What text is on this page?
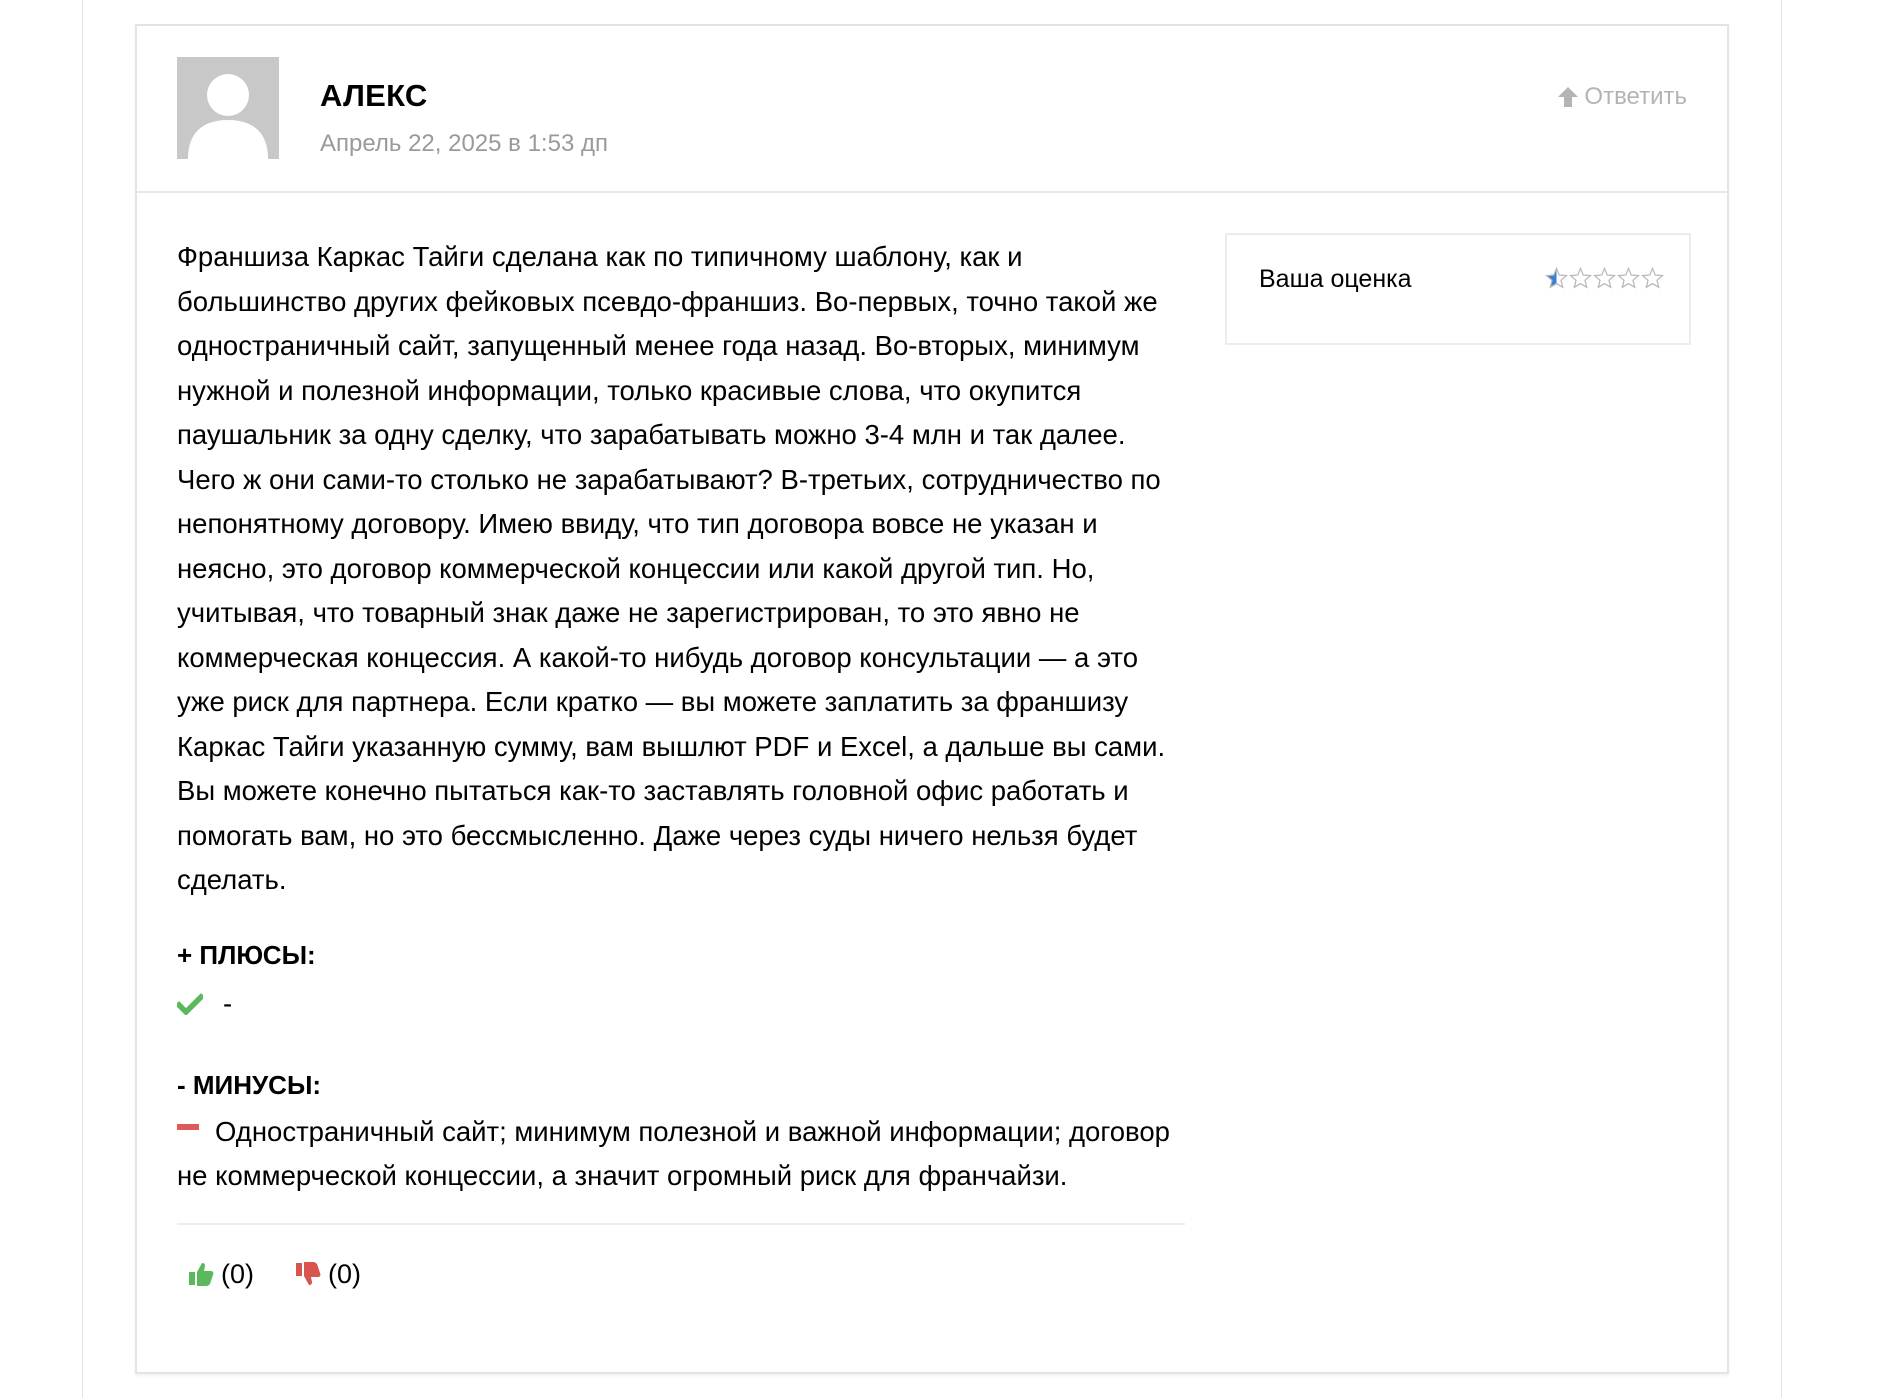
АЛЕКС
Апрель 22, 2025 в 1:53 дп
Ответить

Франшиза Каркас Тайги сделана как по типичному шаблону, как и большинство других фейковых псевдо-франшиз. Во-первых, точно такой же одностраничный сайт, запущенный менее года назад. Во-вторых, минимум нужной и полезной информации, только красивые слова, что окупится паушальник за одну сделку, что зарабатывать можно 3-4 млн и так далее. Чего ж они сами-то столько не зарабатывают? В-третьих, сотрудничество по непонятному договору. Имею ввиду, что тип договора вовсе не указан и неясно, это договор коммерческой концессии или какой другой тип. Но, учитывая, что товарный знак даже не зарегистрирован, то это явно не коммерческая концессия. А какой-то нибудь договор консультации — а это уже риск для партнера. Если кратко — вы можете заплатить за франшизу Каркас Тайги указанную сумму, вам вышлют PDF и Excel, а дальше вы сами. Вы можете конечно пытаться как-то заставлять головной офис работать и помогать вам, но это бессмысленно. Даже через суды ничего нельзя будет сделать.

+ ПЛЮСЫ:

-

- МИНУСЫ:

Одностраничный сайт; минимум полезной и важной информации; договор не коммерческой концессии, а значит огромный риск для франчайзи.

(0)	(0)
Ваша оценка
